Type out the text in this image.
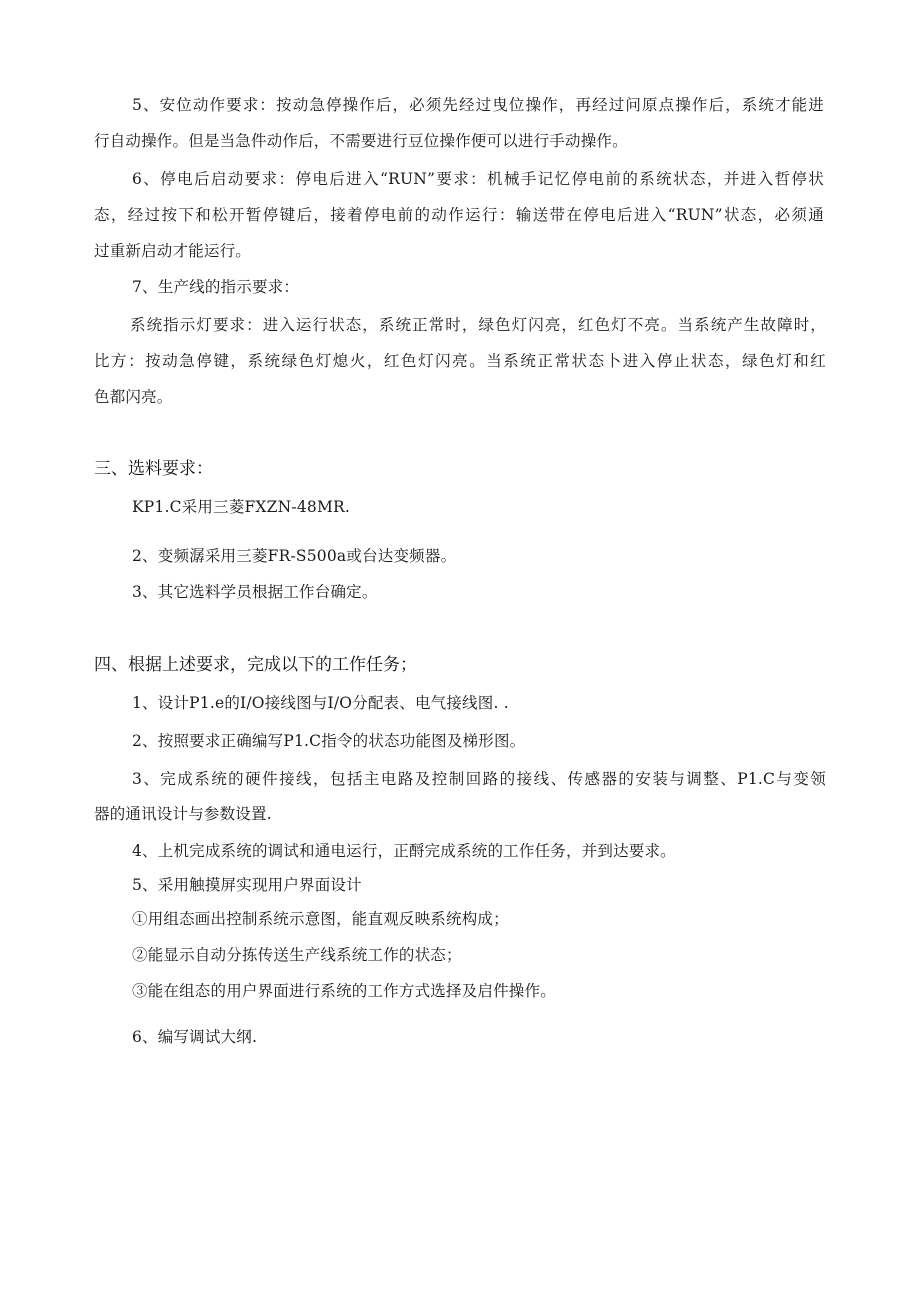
5、安位动作要求：按动急停操作后，必须先经过曳位操作，再经过问原点操作后，系统才能进
行自动操作。但是当急件动作后，不需要进行豆位操作便可以进行手动操作。
6、停电后启动要求：停电后进入“RUN”要求：机械手记忆停电前的系统状态，并进入哲停状
态，经过按下和松开暂停键后，接着停电前的动作运行：输送带在停电后进入“RUN”状态，必须通
过重新启动才能运行。
7、生产线的指示要求：
系统指示灯要求：进入运行状态，系统正常时，绿色灯闪亮，红色灯不亮。当系统产生故障时，
比方：按动急停键，系统绿色灯熄火，红色灯闪亮。当系统正常状态卜进入停止状态，绿色灯和红
色都闪亮。
三、选料要求：
KP1.C采用三菱FXZN-48MR.
2、变频潺采用三菱FR-S500a或台达变频器。
3、其它选料学员根据工作台确定。
四、根据上述要求，完成以下的工作任务；
1、设计P1.e的I/O接线图与I/O分配表、电气接线图. .
2、按照要求正确编写P1.C指令的状态功能图及梯形图。
3、完成系统的硬件接线，包括主电路及控制回路的接线、传感器的安装与调整、P1.C与变领
器的通讯设计与参数设置.
4、上机完成系统的调试和通电运行，正酹完成系统的工作任务，并到达要求。
5、采用触摸屏实现用户界面设计
①用组态画出控制系统示意图，能直观反映系统构成；
②能显示自动分拣传送生产线系统工作的状态；
③能在组态的用户界面进行系统的工作方式选择及启件操作。
6、编写调试大纲.
